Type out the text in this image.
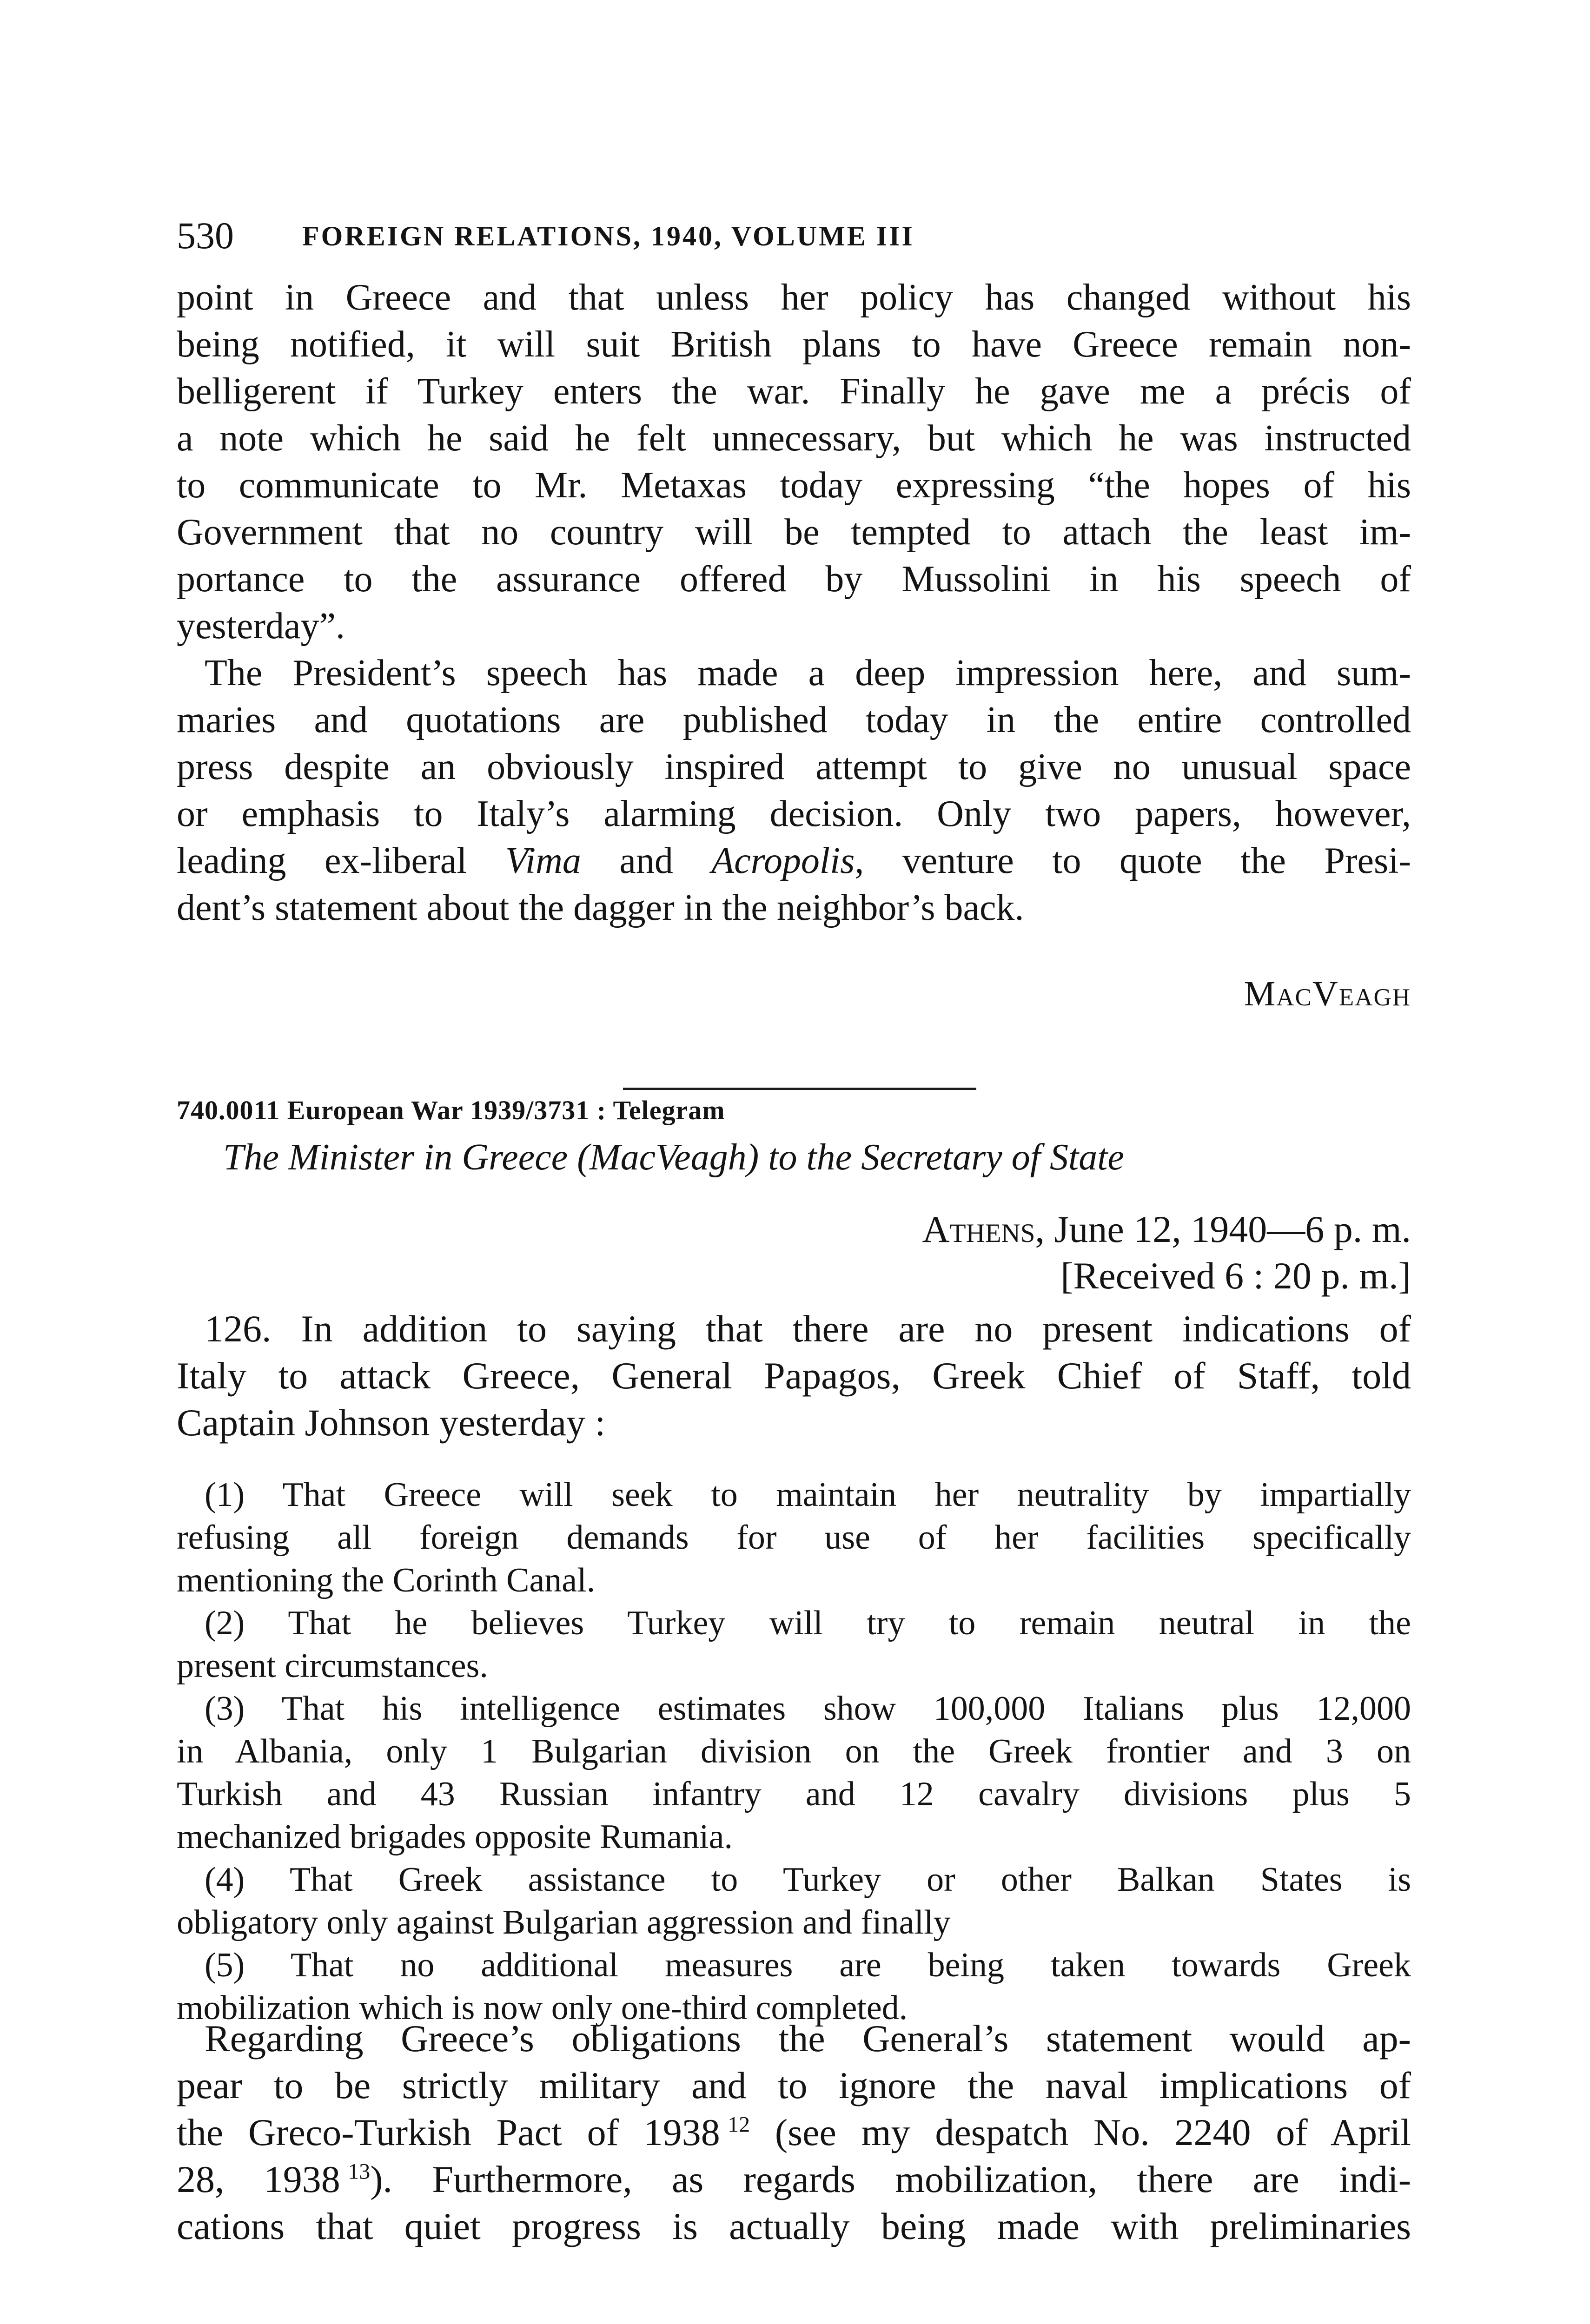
530 FOREIGN RELATIONS, 1940, VOLUME III
point in Greece and that unless her policy has changed without his
being notified, it will suit British plans to have Greece remain non-
belligerent if Turkey enters the war. Finally he gave me a précis of
a note which he said he felt unnecessary, but which he was instructed
to communicate to Mr. Metaxas today expressing “the hopes of his
Government that no country will be tempted to attach the least im-
portance to the assurance offered by Mussolini in his speech of
yesterday”.
The President’s speech has made a deep impression here, and sum-
maries and quotations are published today in the entire controlled
press despite an obviously inspired attempt to give no unusual space
or emphasis to Italy’s alarming decision. Only two papers, however,
leading ex-liberal Vima and Acropolis, venture to quote the Presi-
dent’s statement about the dagger in the neighbor’s back.
MacVeagh
740.0011 European War 1939/3731 : Telegram
The Minister in Greece (MacVeagh) to the Secretary of State
Athens, June 12, 1940—6 p. m.
[Received 6 : 20 p. m.]
126. In addition to saying that there are no present indications of
Italy to attack Greece, General Papagos, Greek Chief of Staff, told
Captain Johnson yesterday :
(1) That Greece will seek to maintain her neutrality by impartially
refusing all foreign demands for use of her facilities specifically
mentioning the Corinth Canal.
(2) That he believes Turkey will try to remain neutral in the
present circumstances.
(3) That his intelligence estimates show 100,000 Italians plus 12,000
in Albania, only 1 Bulgarian division on the Greek frontier and 3 on
Turkish and 43 Russian infantry and 12 cavalry divisions plus 5
mechanized brigades opposite Rumania.
(4) That Greek assistance to Turkey or other Balkan States is
obligatory only against Bulgarian aggression and finally
(5) That no additional measures are being taken towards Greek
mobilization which is now only one-third completed.
Regarding Greece’s obligations the General’s statement would ap-
pear to be strictly military and to ignore the naval implications of
the Greco-Turkish Pact of 1938  $^{12}$ (see my despatch No. 2240 of April
28, 1938  $^{13}$). Furthermore, as regards mobilization, there are indi-
cations that quiet progress is actually being made with preliminaries
